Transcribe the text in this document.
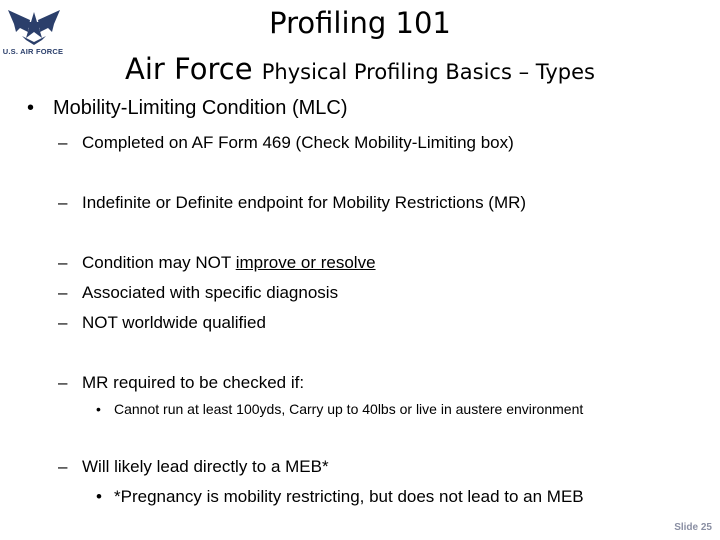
U.S. AIR FORCE
Profiling 101
Air Force Physical Profiling Basics – Types
• Mobility-Limiting Condition (MLC)
– Completed on AF Form 469 (Check Mobility-Limiting box)
– Indefinite or Definite endpoint for Mobility Restrictions (MR)
– Condition may NOT improve or resolve
– Associated with specific diagnosis
– NOT worldwide qualified
– MR required to be checked if:
• Cannot run at least 100yds, Carry up to 40lbs or live in austere environment
– Will likely lead directly to a MEB*
• *Pregnancy is mobility restricting, but does not lead to an MEB
Slide 25
